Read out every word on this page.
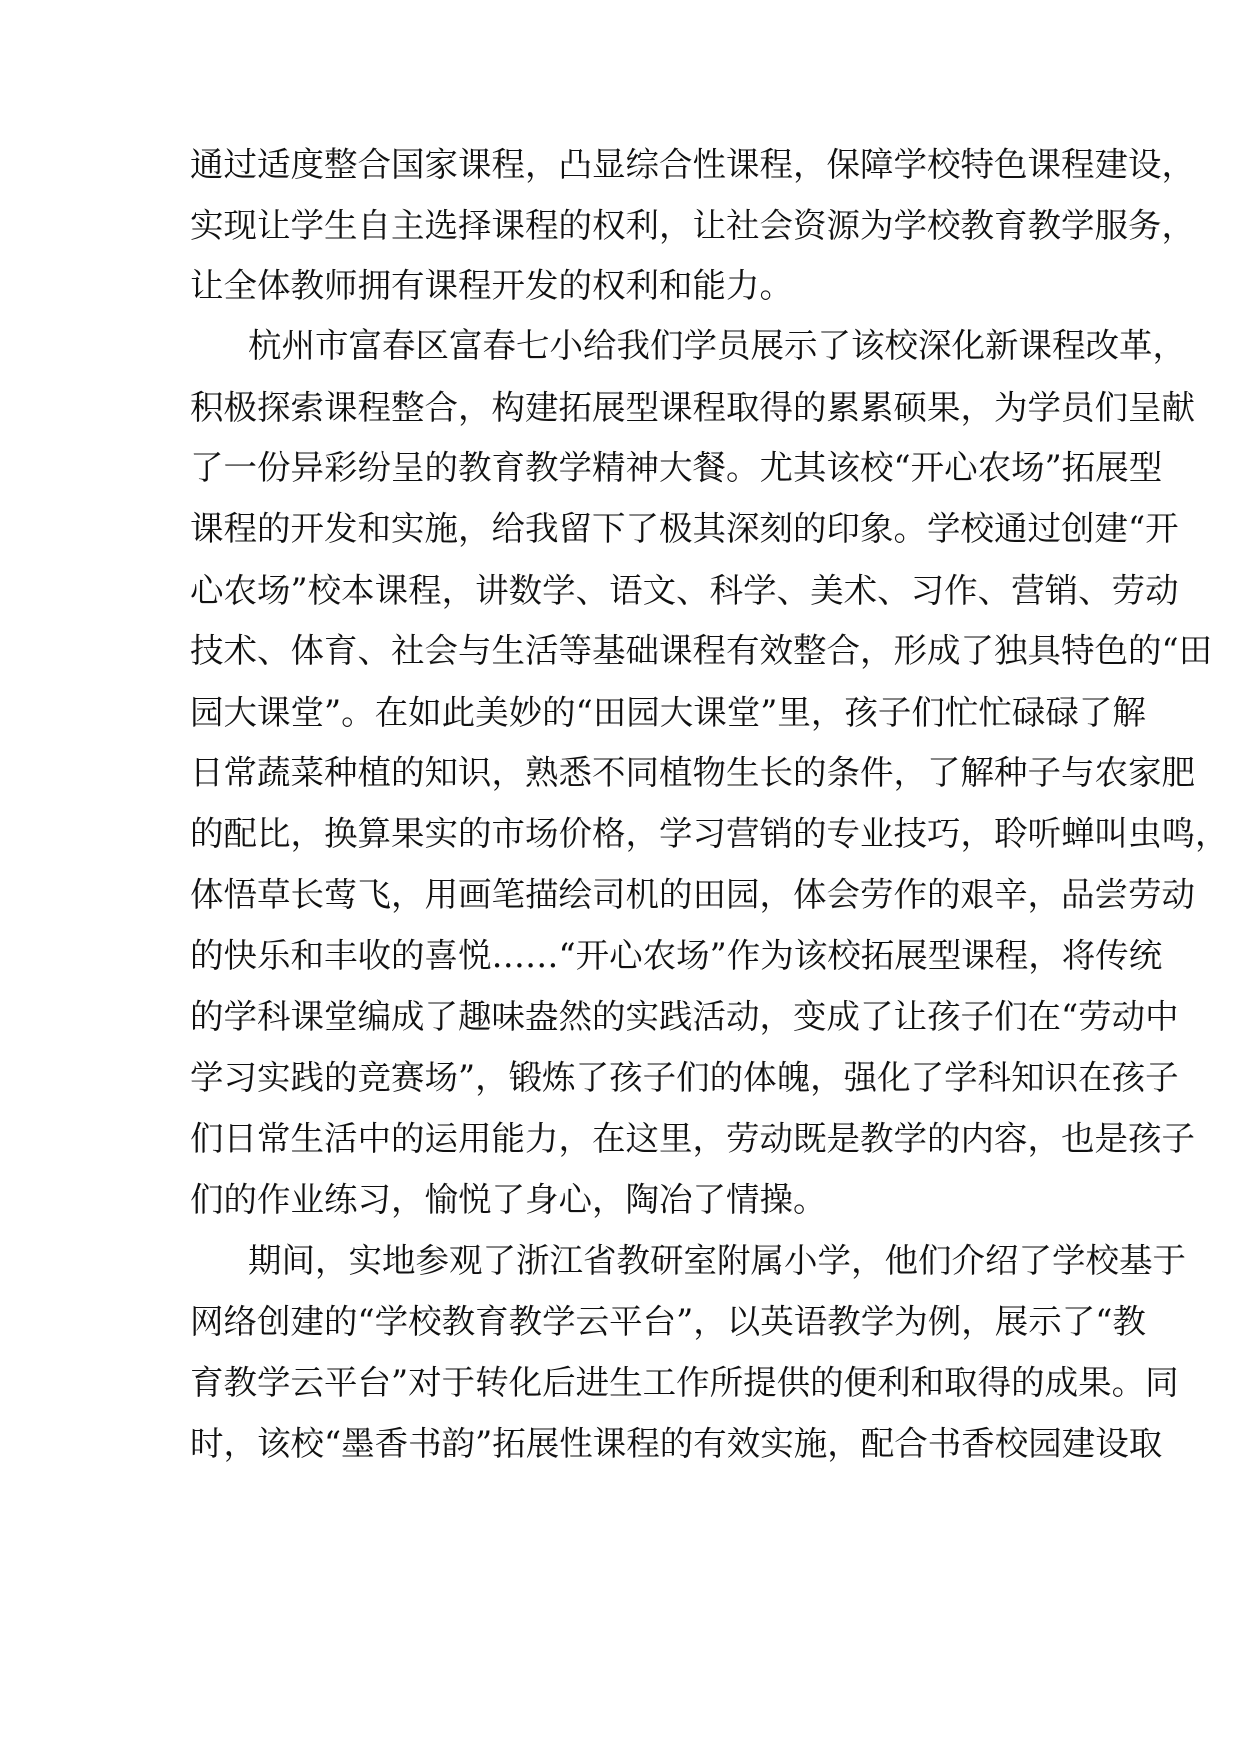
通过适度整合国家课程，凸显综合性课程，保障学校特色课程建设，

实现让学生自主选择课程的权利，让社会资源为学校教育教学服务，

让全体教师拥有课程开发的权利和能力。

杭州市富春区富春七小给我们学员展示了该校深化新课程改革，

积极探索课程整合，构建拓展型课程取得的累累硕果，为学员们呈献

了一份异彩纷呈的教育教学精神大餐。尤其该校“开心农场”拓展型

课程的开发和实施，给我留下了极其深刻的印象。学校通过创建“开

心农场”校本课程，讲数学、语文、科学、美术、习作、营销、劳动

技术、体育、社会与生活等基础课程有效整合，形成了独具特色的“田

园大课堂”。在如此美妙的“田园大课堂”里，孩子们忙忙碌碌了解

日常蔬菜种植的知识，熟悉不同植物生长的条件，了解种子与农家肥

的配比，换算果实的市场价格，学习营销的专业技巧，聆听蝉叫虫鸣，

体悟草长莺飞，用画笔描绘司机的田园，体会劳作的艰辛，品尝劳动

的快乐和丰收的喜悦……“开心农场”作为该校拓展型课程，将传统

的学科课堂编成了趣味盎然的实践活动，变成了让孩子们在“劳动中

学习实践的竞赛场”，锻炼了孩子们的体魄，强化了学科知识在孩子

们日常生活中的运用能力，在这里，劳动既是教学的内容，也是孩子

们的作业练习，愉悦了身心，陶冶了情操。

期间，实地参观了浙江省教研室附属小学，他们介绍了学校基于

网络创建的“学校教育教学云平台”，以英语教学为例，展示了“教

育教学云平台”对于转化后进生工作所提供的便利和取得的成果。同

时，该校“墨香书韵”拓展性课程的有效实施，配合书香校园建设取
